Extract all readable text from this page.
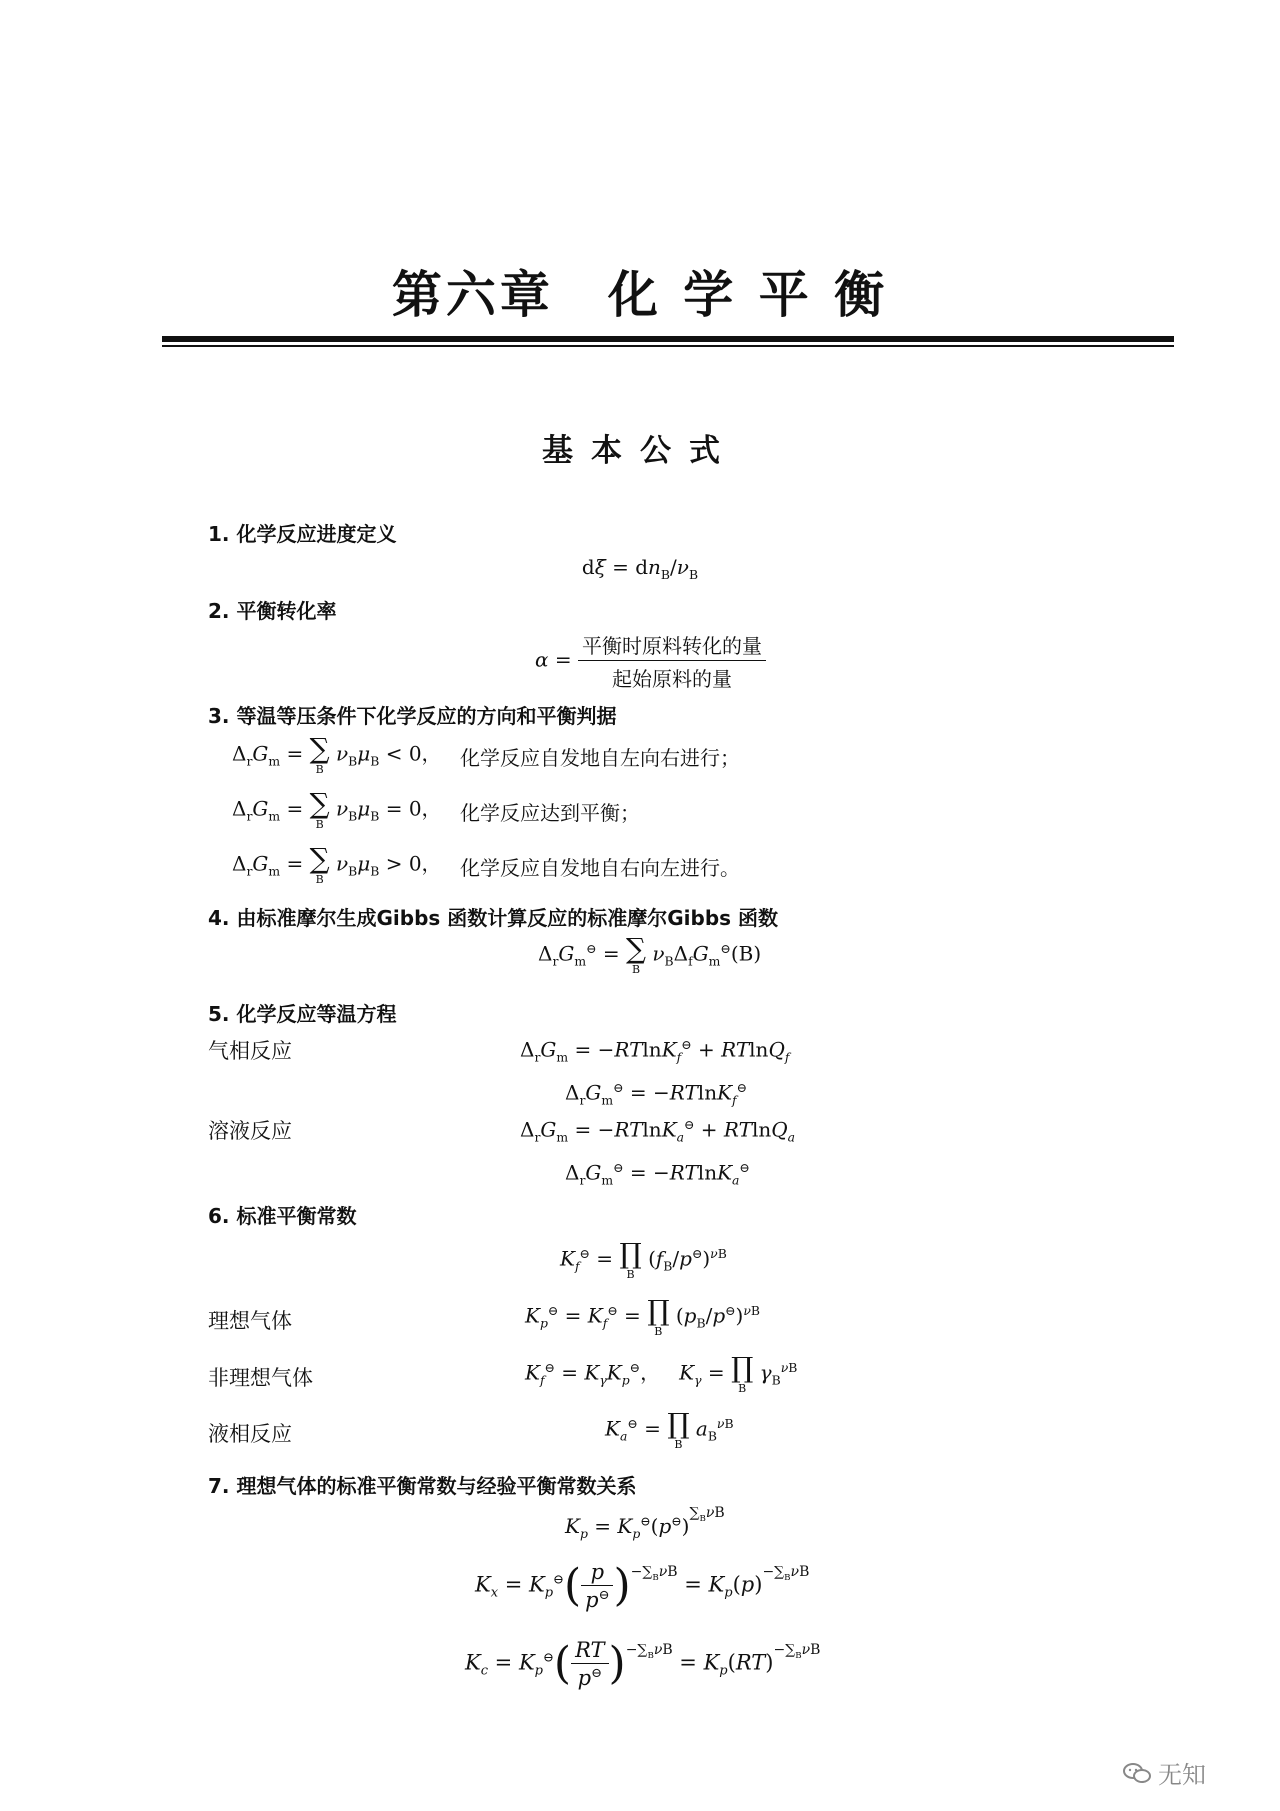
第六章　化 学 平 衡
基本公式
1. 化学反应进度定义
$d\xi = dn_B/\nu_B$
2. 平衡转化率
$\alpha = \frac{\text{平衡时原料转化的量}}{\text{起始原料的量}}$
3. 等温等压条件下化学反应的方向和平衡判据
$\Delta_rG_m$ = ∑
B
$\nu_B\mu_B < 0$， 化学反应自发地自左向右进行；
$\Delta_rG_m$ = ∑
B
$\nu_B\mu_B = 0$， 化学反应达到平衡；
$\Delta_rG_m$ = ∑
B
$\nu_B\mu_B > 0$， 化学反应自发地自右向左进行。
4. 由标准摩尔生成Gibbs 函数计算反应的标准摩尔Gibbs 函数
$\Delta_rG_m^⊖$ = ∑
B
$\nu_B\Delta_fG_m^⊖(B)$
5. 化学反应等温方程
气相反应	$\Delta_rG_m = -RTlnK_f^⊖ + RTlnQ_f$
$\Delta_rG_m^⊖ = -RTlnK_f^⊖$
溶液反应	$\Delta_rG_m = -RTlnK_a^⊖ + RTlnQ_a$
$\Delta_rG_m^⊖ = -RTlnK_a^⊖$
6. 标准平衡常数
$K_f^⊖$ = ∏
B
$(f_B/p^⊖)^{\nu B}$
理想气体	$K_p^⊖ = K_f^⊖$ = ∏
B
$(p_B/p^⊖)^{\nu B}$
非理想气体	$K_f^⊖ = K_\gamma K_p^⊖$，   $K_\gamma$ = ∏
B
$\gamma_B^{\nu B}$
液相反应	$K_a^⊖$ = ∏
B
$a_B^{\nu B}$
7. 理想气体的标准平衡常数与经验平衡常数关系
$K_p = K_p^⊖(p^⊖)^{\sum_B\nu B}$
$K_x = K_p^⊖( \frac{p}{p^⊖} )^{-\sum_B\nu B} = K_p(p)^{-\sum_B\nu B}$
$K_c = K_p^⊖( \frac{RT}{p^⊖} )^{-\sum_B\nu B} = K_p(RT)^{-\sum_B\nu B}$
无知
